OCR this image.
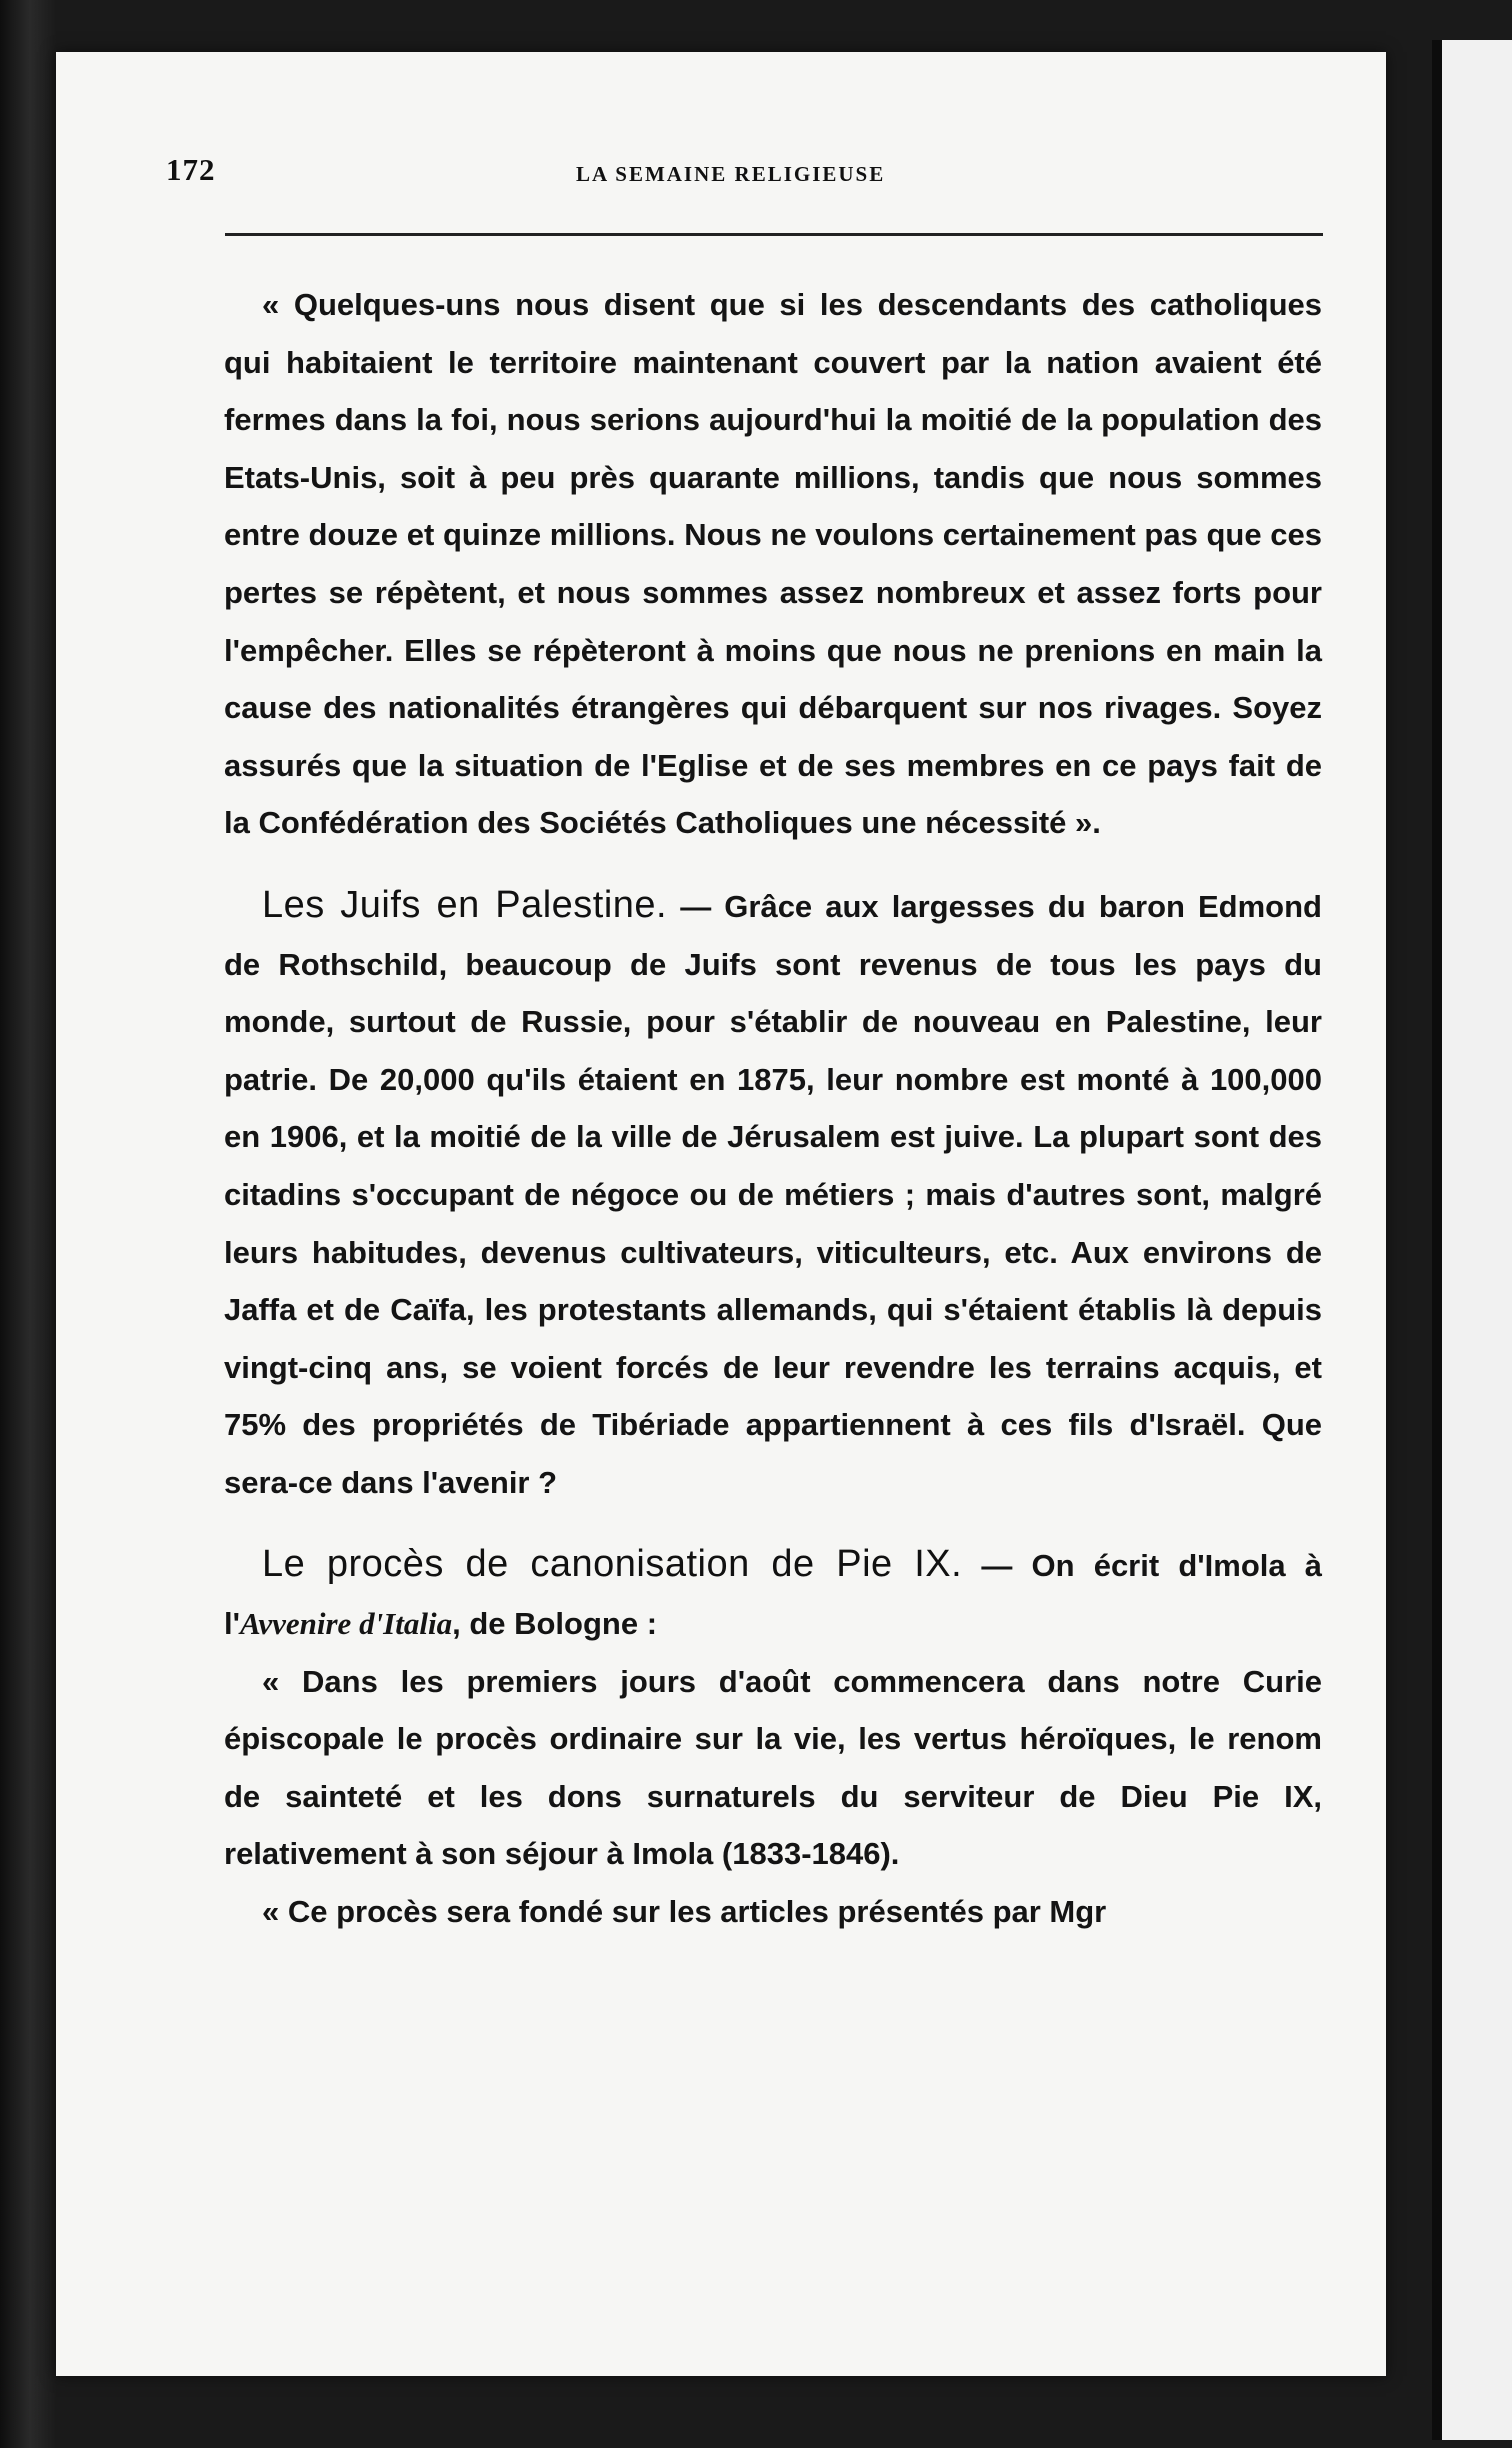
172	LA SEMAINE RELIGIEUSE

« Quelques-uns nous disent que si les descendants des catholiques qui habitaient le territoire maintenant couvert par la nation avaient été fermes dans la foi, nous serions aujourd'hui la moitié de la population des Etats-Unis, soit à peu près quarante millions, tandis que nous sommes entre douze et quinze millions. Nous ne voulons certainement pas que ces pertes se répètent, et nous sommes assez nombreux et assez forts pour l'empêcher. Elles se répèteront à moins que nous ne prenions en main la cause des nationalités étrangères qui débarquent sur nos rivages. Soyez assurés que la situation de l'Eglise et de ses membres en ce pays fait de la Confédération des Sociétés Catholiques une nécessité ».

Les Juifs en Palestine. — Grâce aux largesses du baron Edmond de Rothschild, beaucoup de Juifs sont revenus de tous les pays du monde, surtout de Russie, pour s'établir de nouveau en Palestine, leur patrie. De 20,000 qu'ils étaient en 1875, leur nombre est monté à 100,000 en 1906, et la moitié de la ville de Jérusalem est juive. La plupart sont des citadins s'occupant de négoce ou de métiers ; mais d'autres sont, malgré leurs habitudes, devenus cultivateurs, viticulteurs, etc. Aux environs de Jaffa et de Caïfa, les protestants allemands, qui s'étaient établis là depuis vingt-cinq ans, se voient forcés de leur revendre les terrains acquis, et 75% des propriétés de Tibériade appartiennent à ces fils d'Israël. Que sera-ce dans l'avenir ?

Le procès de canonisation de Pie IX. — On écrit d'Imola à l'Avvenire d'Italia, de Bologne :

« Dans les premiers jours d'août commencera dans notre Curie épiscopale le procès ordinaire sur la vie, les vertus héroïques, le renom de sainteté et les dons surnaturels du serviteur de Dieu Pie IX, relativement à son séjour à Imola (1833-1846).

« Ce procès sera fondé sur les articles présentés par Mgr
